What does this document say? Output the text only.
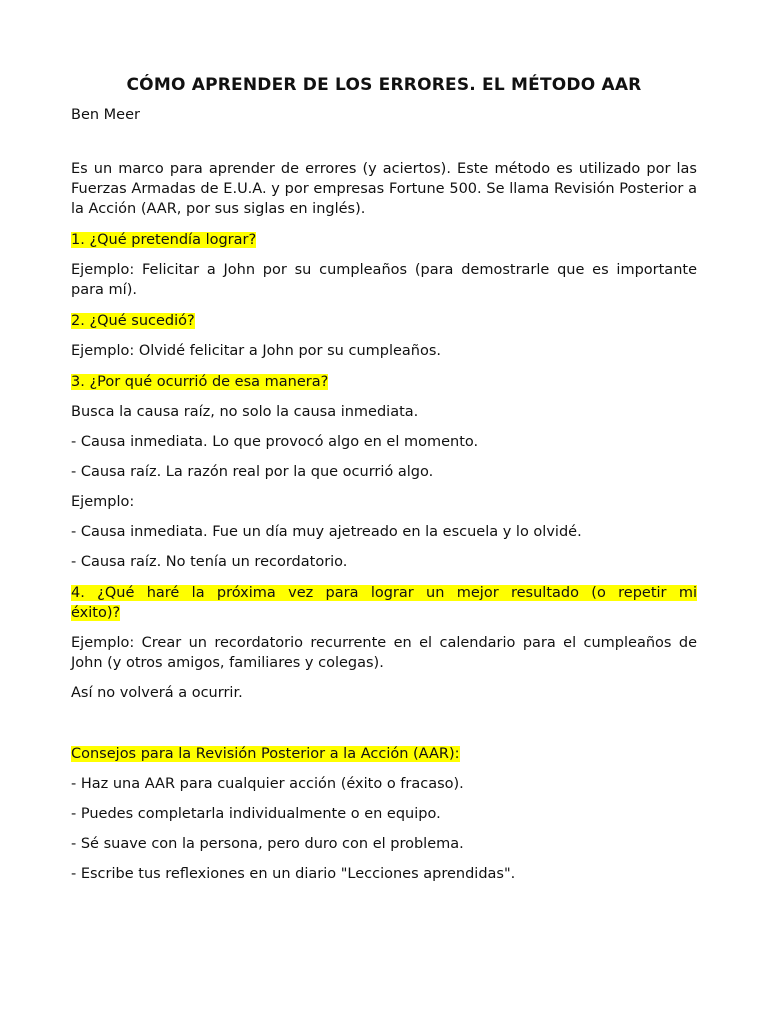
CÓMO APRENDER DE LOS ERRORES. EL MÉTODO AAR

Ben Meer

Es un marco para aprender de errores (y aciertos). Este método es utilizado por las Fuerzas Armadas de E.U.A. y por empresas Fortune 500. Se llama Revisión Posterior a la Acción (AAR, por sus siglas en inglés).

1. ¿Qué pretendía lograr?

Ejemplo: Felicitar a John por su cumpleaños (para demostrarle que es importante para mí).

2. ¿Qué sucedió?

Ejemplo: Olvidé felicitar a John por su cumpleaños.

3. ¿Por qué ocurrió de esa manera?

Busca la causa raíz, no solo la causa inmediata.

- Causa inmediata. Lo que provocó algo en el momento.

- Causa raíz. La razón real por la que ocurrió algo.

Ejemplo:

- Causa inmediata. Fue un día muy ajetreado en la escuela y lo olvidé.

- Causa raíz. No tenía un recordatorio.

4. ¿Qué haré la próxima vez para lograr un mejor resultado (o repetir mi

éxito)?

Ejemplo: Crear un recordatorio recurrente en el calendario para el cumpleaños de John (y otros amigos, familiares y colegas).

Así no volverá a ocurrir.

Consejos para la Revisión Posterior a la Acción (AAR):

- Haz una AAR para cualquier acción (éxito o fracaso).

- Puedes completarla individualmente o en equipo.

- Sé suave con la persona, pero duro con el problema.

- Escribe tus reflexiones en un diario "Lecciones aprendidas".
